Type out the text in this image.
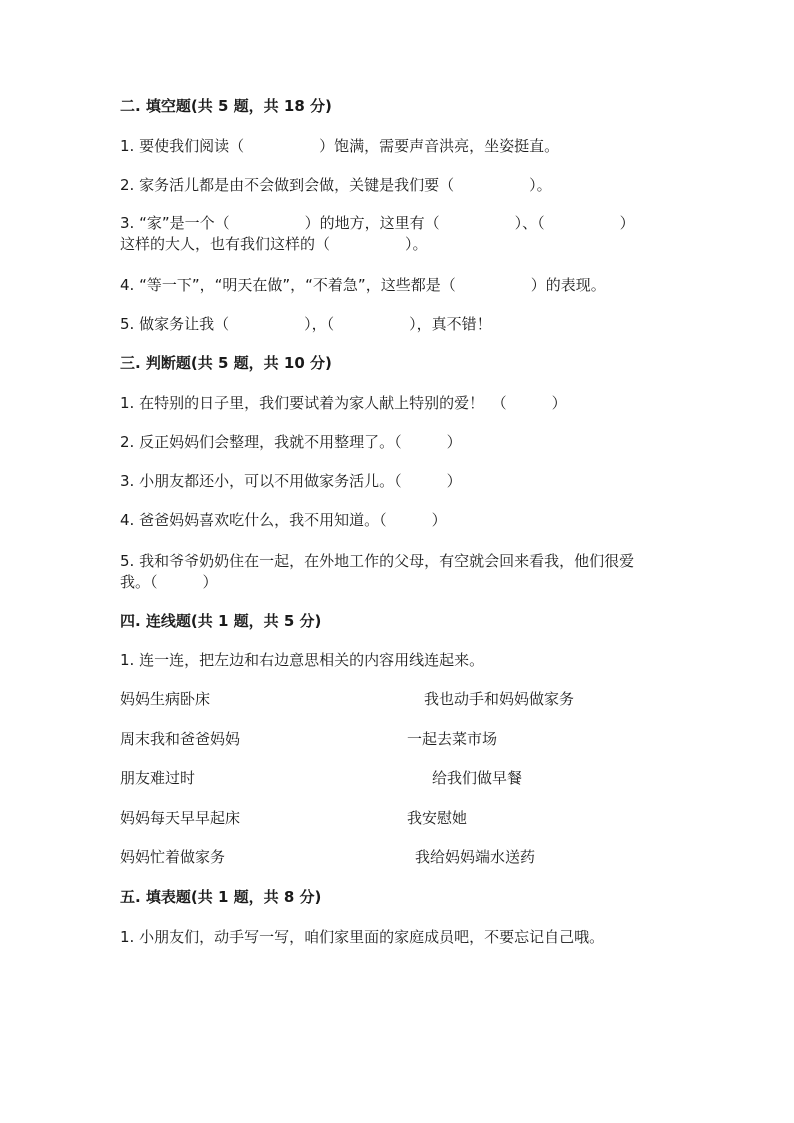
二. 填空题(共 5 题，共 18 分)
1. 要使我们阅读（　　　　　）饱满，需要声音洪亮，坐姿挺直。
2. 家务活儿都是由不会做到会做，关键是我们要（　　　　　）。
3. “家”是一个（　　　　　）的地方，这里有（　　　　　）、（　　　　　）
这样的大人，也有我们这样的（　　　　　）。
4. “等一下”，“明天在做”，“不着急”，这些都是（　　　　　）的表现。
5. 做家务让我（　　　　　），（　　　　　），真不错！
三. 判断题(共 5 题，共 10 分)
1. 在特别的日子里，我们要试着为家人献上特别的爱！　（　　　）
2. 反正妈妈们会整理，我就不用整理了。（　　　）
3. 小朋友都还小，可以不用做家务活儿。（　　　）
4. 爸爸妈妈喜欢吃什么，我不用知道。（　　　）
5. 我和爷爷奶奶住在一起，在外地工作的父母，有空就会回来看我，他们很爱
我。（　　　）
四. 连线题(共 1 题，共 5 分)
1. 连一连，把左边和右边意思相关的内容用线连起来。
妈妈生病卧床	我也动手和妈妈做家务
周末我和爸爸妈妈	一起去菜市场
朋友难过时	给我们做早餐
妈妈每天早早起床	我安慰她
妈妈忙着做家务	我给妈妈端水送药
五. 填表题(共 1 题，共 8 分)
1. 小朋友们，动手写一写，咱们家里面的家庭成员吧，不要忘记自己哦。
